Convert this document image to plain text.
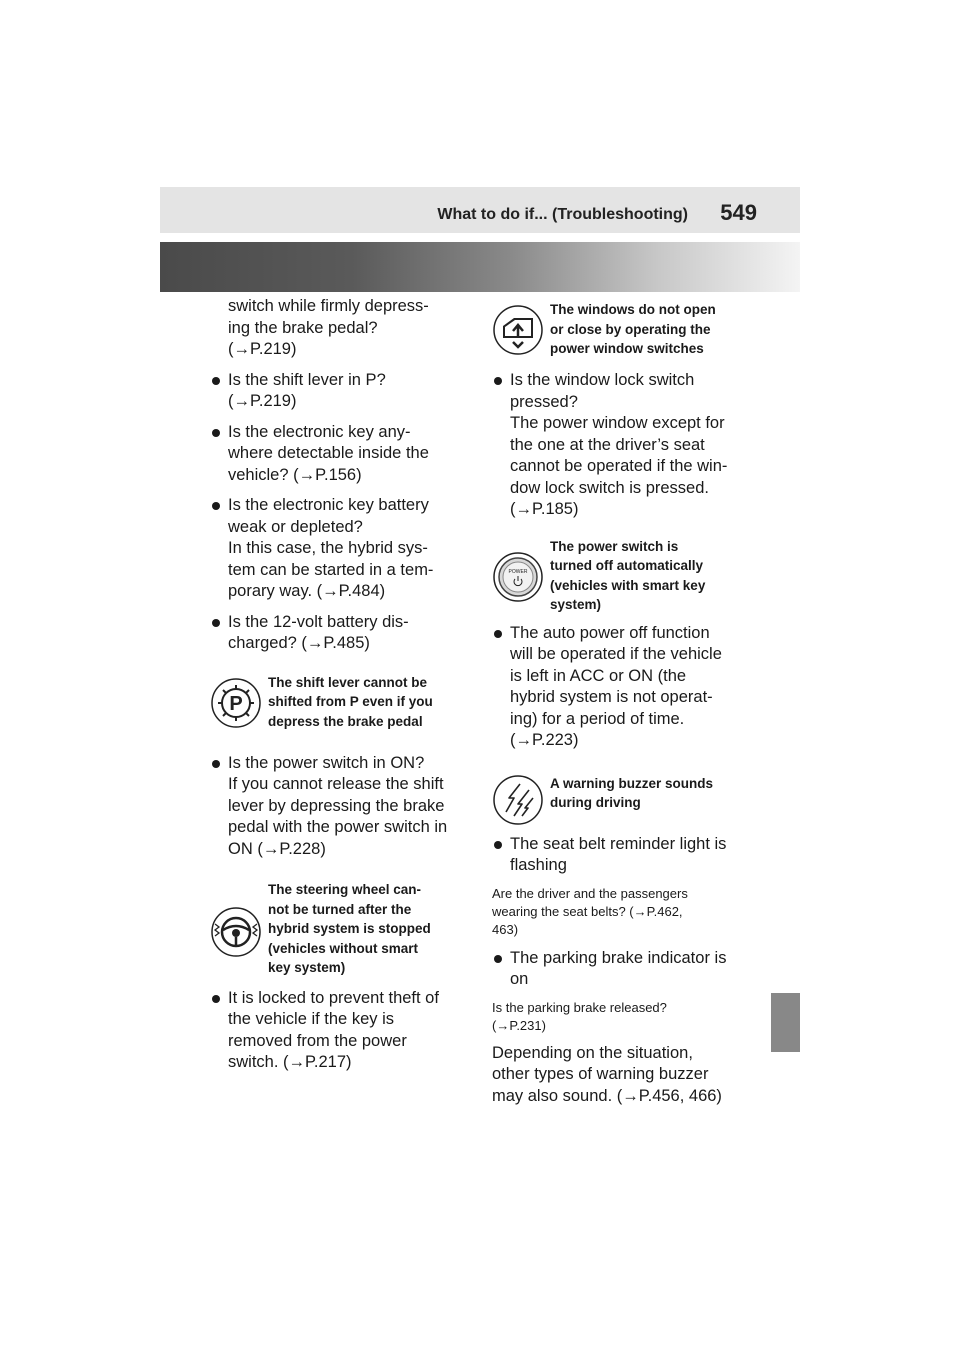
What to do if... (Troubleshooting) 549

switch while firmly depress-
ing the brake pedal?
(→P.219)

Is the shift lever in P?
(→P.219)
Is the electronic key any-
where detectable inside the
vehicle? (→P.156)
Is the electronic key battery
weak or depleted?
In this case, the hybrid sys-
tem can be started in a tem-
porary way. (→P.484)
Is the 12-volt battery dis-
charged? (→P.485)
P
The shift lever cannot be
shifted from P even if you
depress the brake pedal
Is the power switch in ON?
If you cannot release the shift
lever by depressing the brake
pedal with the power switch in
ON (→P.228)
The steering wheel can-
not be turned after the
hybrid system is stopped
(vehicles without smart
key system)
It is locked to prevent theft of
the vehicle if the key is
removed from the power
switch. (→P.217)
The windows do not open
or close by operating the
power window switches
Is the window lock switch
pressed?
The power window except for
the one at the driver’s seat
cannot be operated if the win-
dow lock switch is pressed.
(→P.185)
POWER
The power switch is
turned off automatically
(vehicles with smart key
system)
The auto power off function
will be operated if the vehicle
is left in ACC or ON (the
hybrid system is not operat-
ing) for a period of time.
(→P.223)
A warning buzzer sounds
during driving
The seat belt reminder light is
flashing

Are the driver and the passengers
wearing the seat belts? (→P.462,
463)

The parking brake indicator is
on

Is the parking brake released?
(→P.231)

Depending on the situation,
other types of warning buzzer
may also sound. (→P.456, 466)
